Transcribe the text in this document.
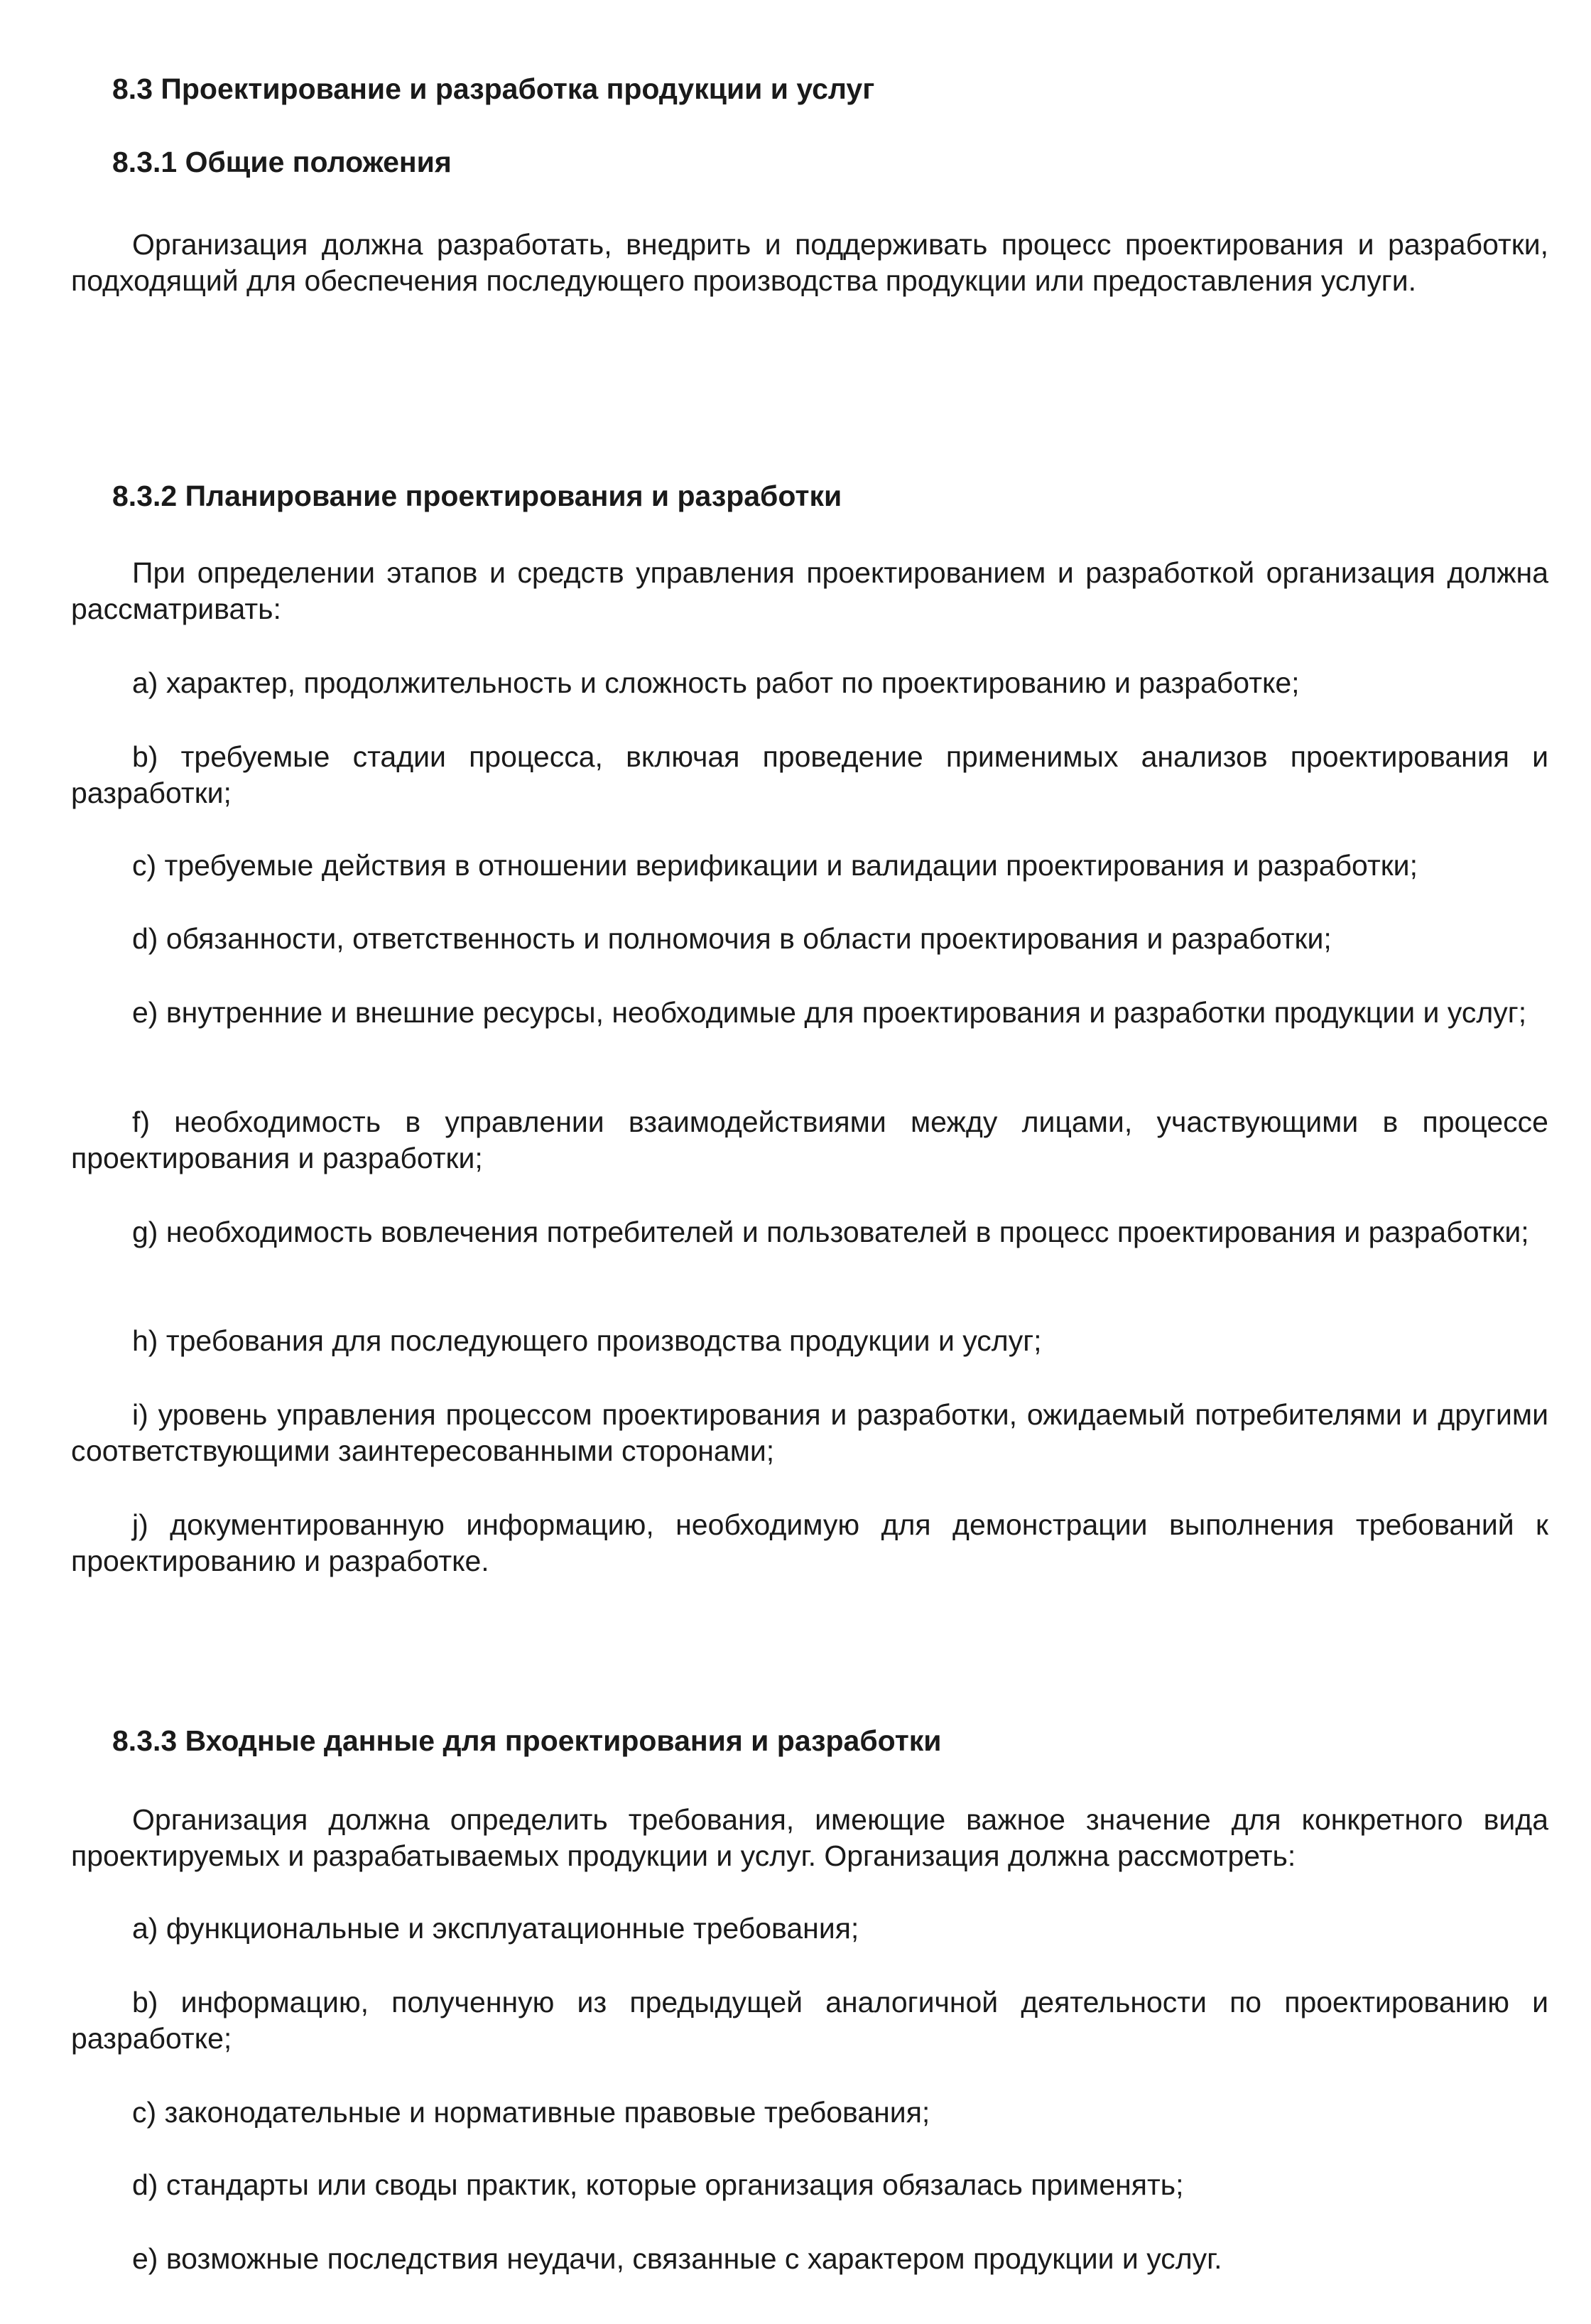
8.3 Проектирование и разработка продукции и услуг
8.3.1 Общие положения

Организация должна разработать, внедрить и поддерживать процесс проектирования и разработки, подходящий для обеспечения последующего производства продукции или предоставления услуги.

8.3.2 Планирование проектирования и разработки

При определении этапов и средств управления проектированием и разработкой организация должна рассматривать:

a) характер, продолжительность и сложность работ по проектированию и разработке;

b) требуемые стадии процесса, включая проведение применимых анализов проектирования и разработки;

c) требуемые действия в отношении верификации и валидации проектирования и разработки;

d) обязанности, ответственность и полномочия в области проектирования и разработки;

e) внутренние и внешние ресурсы, необходимые для проектирования и разработки продукции и услуг;

f) необходимость в управлении взаимодействиями между лицами, участвующими в процессе проектирования и разработки;

g) необходимость вовлечения потребителей и пользователей в процесс проектирования и разработки;

h) требования для последующего производства продукции и услуг;

i) уровень управления процессом проектирования и разработки, ожидаемый потребителями и другими соответствующими заинтересованными сторонами;

j) документированную информацию, необходимую для демонстрации выполнения требований к проектированию и разработке.

8.3.3 Входные данные для проектирования и разработки

Организация должна определить требования, имеющие важное значение для конкретного вида проектируемых и разрабатываемых продукции и услуг. Организация должна рассмотреть:

a) функциональные и эксплуатационные требования;

b) информацию, полученную из предыдущей аналогичной деятельности по проектированию и разработке;

c) законодательные и нормативные правовые требования;

d) стандарты или своды практик, которые организация обязалась применять;

e) возможные последствия неудачи, связанные с характером продукции и услуг.
